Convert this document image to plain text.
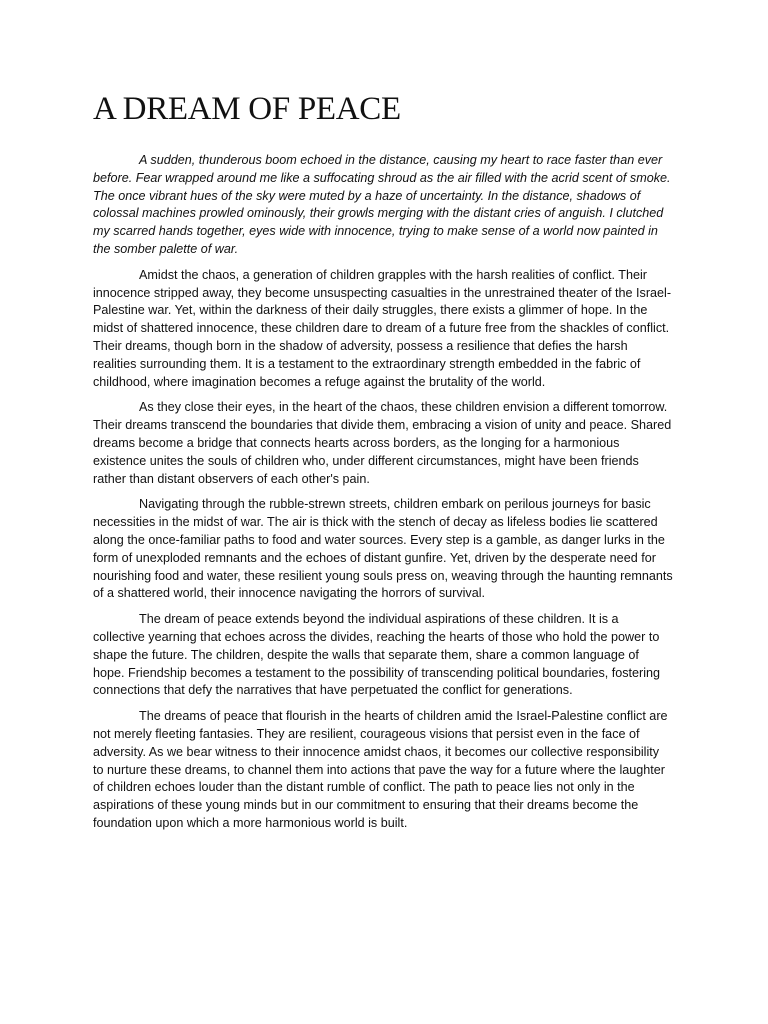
A DREAM OF PEACE

A sudden, thunderous boom echoed in the distance, causing my heart to race faster than ever before. Fear wrapped around me like a suffocating shroud as the air filled with the acrid scent of smoke. The once vibrant hues of the sky were muted by a haze of uncertainty. In the distance, shadows of colossal machines prowled ominously, their growls merging with the distant cries of anguish. I clutched my scarred hands together, eyes wide with innocence, trying to make sense of a world now painted in the somber palette of war.

Amidst the chaos, a generation of children grapples with the harsh realities of conflict. Their innocence stripped away, they become unsuspecting casualties in the unrestrained theater of the Israel-Palestine war. Yet, within the darkness of their daily struggles, there exists a glimmer of hope. In the midst of shattered innocence, these children dare to dream of a future free from the shackles of conflict. Their dreams, though born in the shadow of adversity, possess a resilience that defies the harsh realities surrounding them. It is a testament to the extraordinary strength embedded in the fabric of childhood, where imagination becomes a refuge against the brutality of the world.

As they close their eyes, in the heart of the chaos, these children envision a different tomorrow. Their dreams transcend the boundaries that divide them, embracing a vision of unity and peace. Shared dreams become a bridge that connects hearts across borders, as the longing for a harmonious existence unites the souls of children who, under different circumstances, might have been friends rather than distant observers of each other's pain.

Navigating through the rubble-strewn streets, children embark on perilous journeys for basic necessities in the midst of war. The air is thick with the stench of decay as lifeless bodies lie scattered along the once-familiar paths to food and water sources. Every step is a gamble, as danger lurks in the form of unexploded remnants and the echoes of distant gunfire. Yet, driven by the desperate need for nourishing food and water, these resilient young souls press on, weaving through the haunting remnants of a shattered world, their innocence navigating the horrors of survival.

The dream of peace extends beyond the individual aspirations of these children. It is a collective yearning that echoes across the divides, reaching the hearts of those who hold the power to shape the future. The children, despite the walls that separate them, share a common language of hope. Friendship becomes a testament to the possibility of transcending political boundaries, fostering connections that defy the narratives that have perpetuated the conflict for generations.

The dreams of peace that flourish in the hearts of children amid the Israel-Palestine conflict are not merely fleeting fantasies. They are resilient, courageous visions that persist even in the face of adversity. As we bear witness to their innocence amidst chaos, it becomes our collective responsibility to nurture these dreams, to channel them into actions that pave the way for a future where the laughter of children echoes louder than the distant rumble of conflict. The path to peace lies not only in the aspirations of these young minds but in our commitment to ensuring that their dreams become the foundation upon which a more harmonious world is built.
